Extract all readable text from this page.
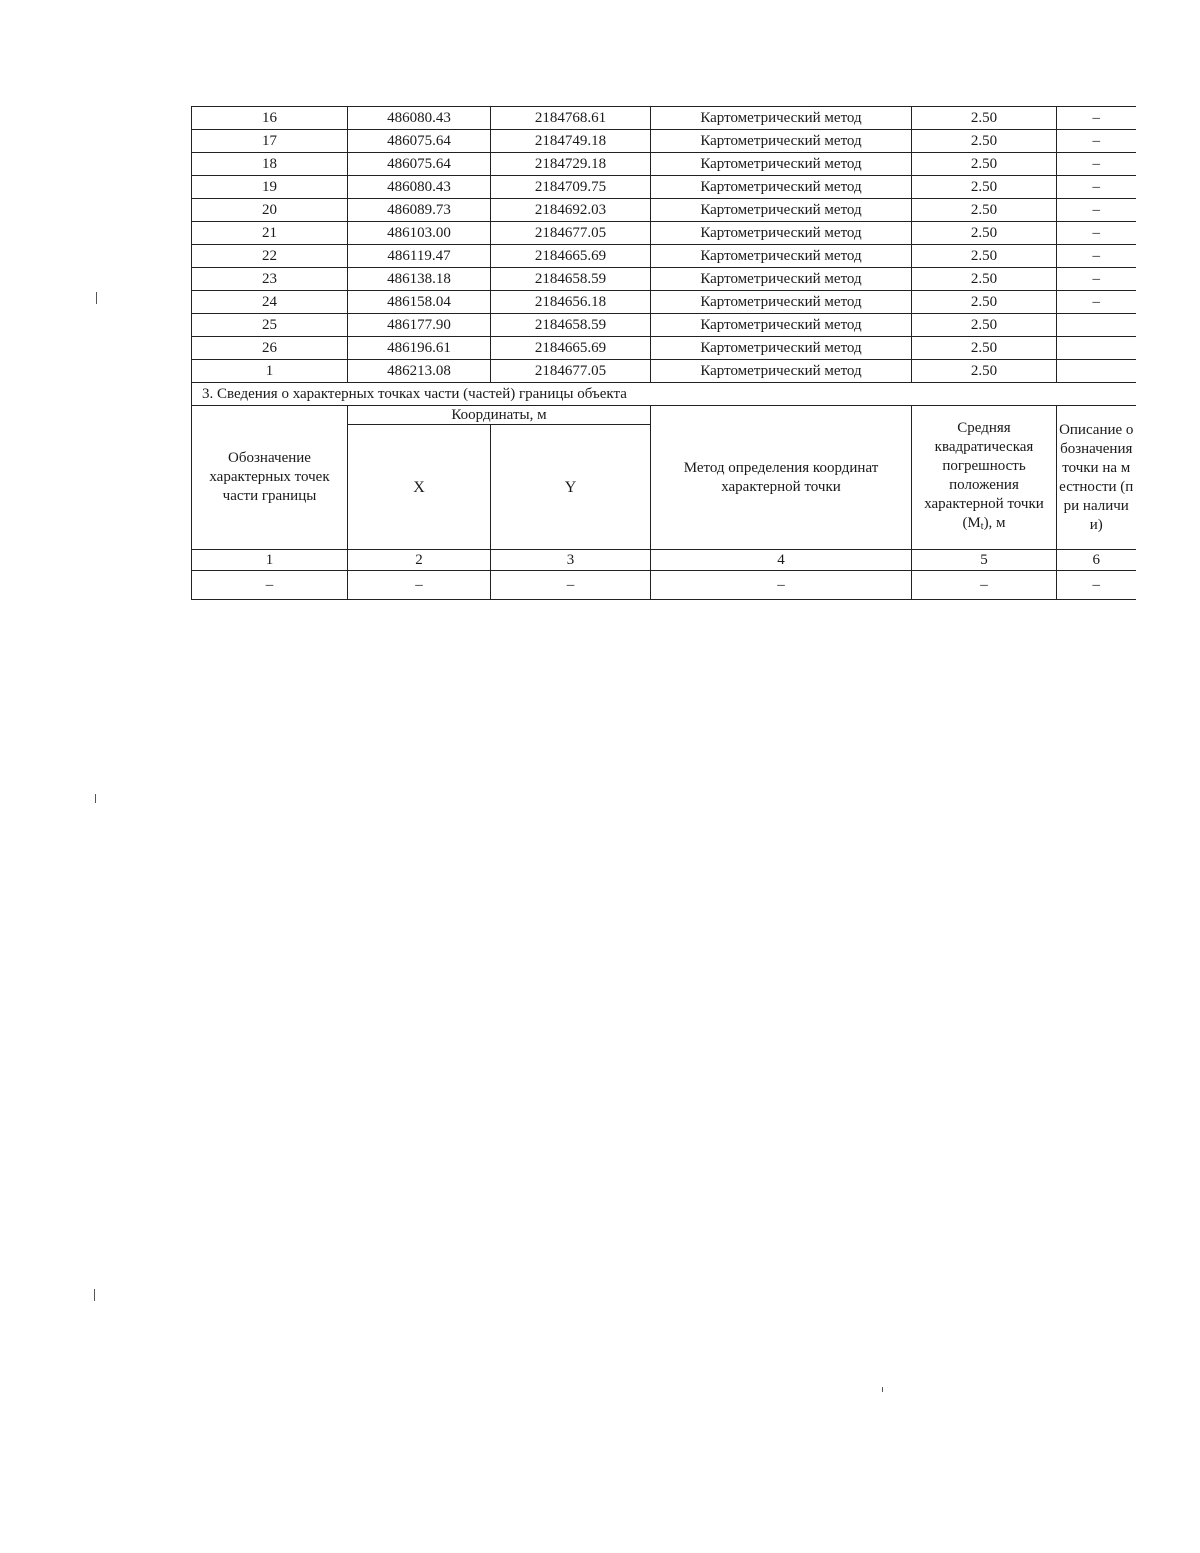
16	486080.43	2184768.61	Картометрический метод	2.50	–
17	486075.64	2184749.18	Картометрический метод	2.50	–
18	486075.64	2184729.18	Картометрический метод	2.50	–
19	486080.43	2184709.75	Картометрический метод	2.50	–
20	486089.73	2184692.03	Картометрический метод	2.50	–
21	486103.00	2184677.05	Картометрический метод	2.50	–
22	486119.47	2184665.69	Картометрический метод	2.50	–
23	486138.18	2184658.59	Картометрический метод	2.50	–
24	486158.04	2184656.18	Картометрический метод	2.50	–
25	486177.90	2184658.59	Картометрический метод	2.50	
26	486196.61	2184665.69	Картометрический метод	2.50	
1	486213.08	2184677.05	Картометрический метод	2.50	
3. Сведения о характерных точках части (частей) границы объекта					
Обозначение характерных точек части границы	Координаты, м		Метод определения координат характерной точки	Средняя квадратическая погрешность положения характерной точки $(M_t)$, м	Описание обозначения точки на местности (при наличии)
	X	Y			
1	2	3	4	5	6
–	–	–	–	–	–
